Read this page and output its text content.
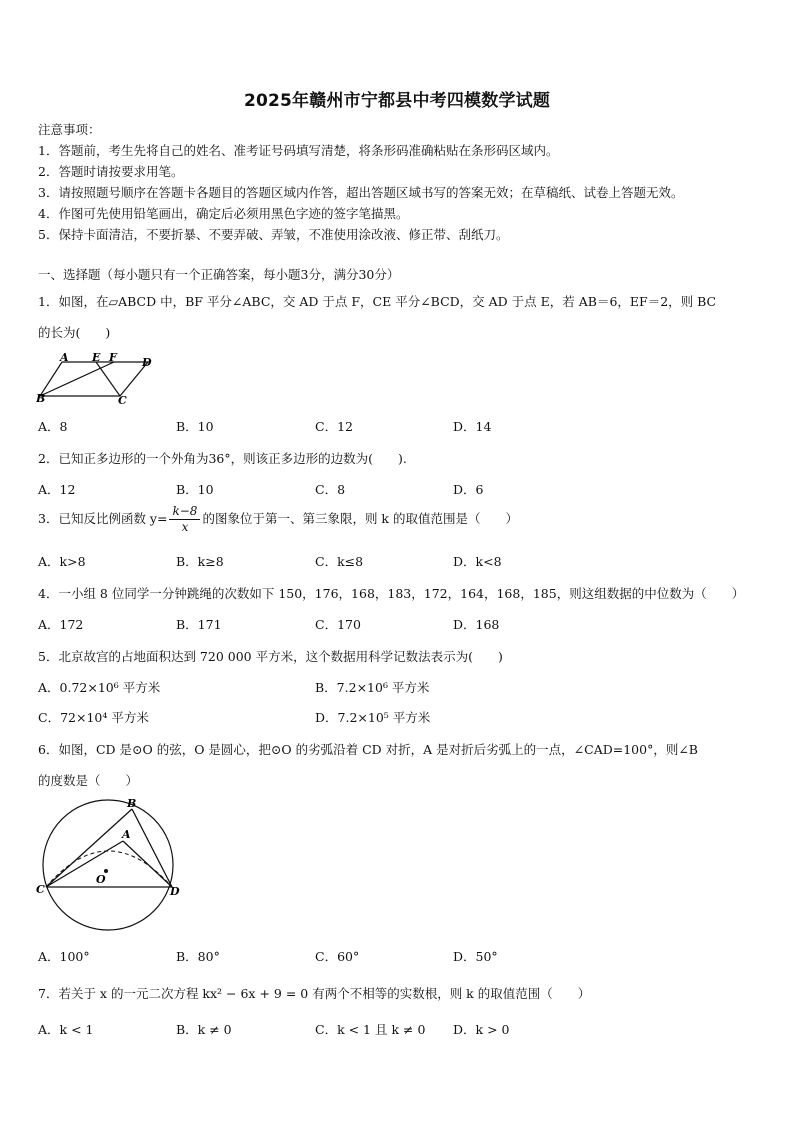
2025年赣州市宁都县中考四模数学试题
注意事项：
1．答题前，考生先将自己的姓名、准考证号码填写清楚，将条形码准确粘贴在条形码区域内。
2．答题时请按要求用笔。
3．请按照题号顺序在答题卡各题目的答题区域内作答，超出答题区域书写的答案无效；在草稿纸、试卷上答题无效。
4．作图可先使用铅笔画出，确定后必须用黑色字迹的签字笔描黑。
5．保持卡面清洁，不要折暴、不要弄破、弄皱，不准使用涂改液、修正带、刮纸刀。
一、选择题（每小题只有一个正确答案，每小题3分，满分30分）
1．如图，在▱ABCD 中，BF 平分∠ABC，交 AD 于点 F，CE 平分∠BCD，交 AD 于点 E，若 AB＝6，EF＝2，则 BC
的长为(　　)
A E F D
B	C
A．8	B．10	C．12	D．14
2．已知正多边形的一个外角为36°，则该正多边形的边数为(　　).
A．12	B．10	C．8	D．6
3．已知反比例函数 $y= \frac{k-8}{x}$ 的图象位于第一、第三象限，则 k 的取值范围是（　　）
A．k>8	B．k≥8	C．k≤8	D．k<8
4．一小组 8 位同学一分钟跳绳的次数如下 150，176，168，183，172，164，168，185，则这组数据的中位数为（　　）
A．172	B．171	C．170	D．168
5．北京故宫的占地面积达到 720 000 平方米，这个数据用科学记数法表示为(　　)
A．0.72×10⁶ 平方米	B．7.2×10⁶ 平方米
C．72×10⁴ 平方米	D．7.2×10⁵ 平方米
6．如图，CD 是⊙O 的弦，O 是圆心，把⊙O 的劣弧沿着 CD 对折，A 是对折后劣弧上的一点，∠CAD=100°，则∠B
的度数是（　　）
B
A
O
C	D
A．100°	B．80°	C．60°	D．50°
7．若关于 x 的一元二次方程 kx² − 6x + 9 = 0 有两个不相等的实数根，则 k 的取值范围（　　）
A．k < 1	B．k ≠ 0	C．k < 1 且 k ≠ 0 D．k > 0
